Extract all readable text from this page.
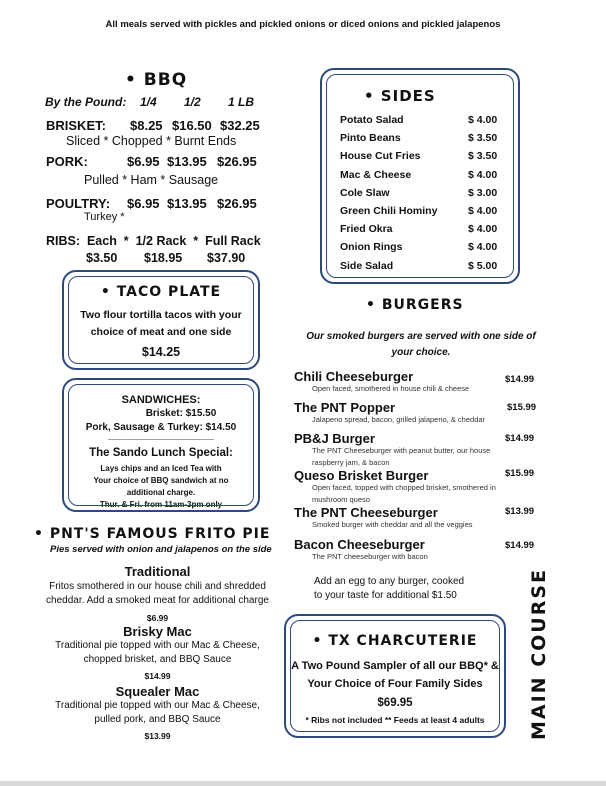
All meals served with pickles and pickled onions or diced onions and pickled jalapenos
• BBQ
By the Pound: 1/4 1/2 1 LB
BRISKET: $8.25 $16.50 $32.25
Sliced * Chopped * Burnt Ends
PORK:	$6.95 $13.95 $26.95
Pulled * Ham * Sausage
POULTRY: $6.95 $13.95 $26.95
Turkey *
RIBS:  Each  *  1/2 Rack  *  Full Rack
$3.50 $18.95 $37.90
• TACO PLATE
Two flour tortilla tacos with your
choice of meat and one side
$14.25
SANDWICHES:
Brisket: $15.50
Pork, Sausage & Turkey: $14.50
___________________
The Sando Lunch Special:
Lays chips and an Iced Tea with
Your choice of BBQ sandwich at no
additional charge.
Thur. & Fri. from 11am-3pm only
• PNT'S FAMOUS FRITO PIE
Pies served with onion and jalapenos on the side
Traditional
Fritos smothered in our house chili and shredded
cheddar. Add a smoked meat for additional charge
$6.99
Brisky Mac
Traditional pie topped with our Mac & Cheese,
chopped brisket, and BBQ Sauce
$14.99
Squealer Mac
Traditional pie topped with our Mac & Cheese,
pulled pork, and BBQ Sauce
$13.99
• SIDES
Potato Salad	$ 4.00
Pinto Beans	$ 3.50
House Cut Fries	$ 3.50
Mac & Cheese	$ 4.00
Cole Slaw	$ 3.00
Green Chili Hominy	$ 4.00
Fried Okra	$ 4.00
Onion Rings	$ 4.00
Side Salad	$ 5.00
• BURGERS
Our smoked burgers are served with one side of
your choice.
Chili Cheeseburger
Open faced, smothered in house chili & cheese
$14.99
The PNT Popper
Jalapeno spread, bacon, grilled jalapeno, & cheddar
$15.99
PB&J Burger
The PNT Cheeseburger with peanut butter, our house
raspberry jam, & bacon
$14.99
Queso Brisket Burger
Open faced, topped with chopped brisket, smothered in
mushroom queso
$15.99
The PNT Cheeseburger
Smoked burger with cheddar and all the veggies
$13.99
Bacon Cheeseburger
The PNT cheeseburger with bacon
$14.99
Add an egg to any burger, cooked
to your taste for additional $1.50
• TX CHARCUTERIE
A Two Pound Sampler of all our BBQ* &
Your Choice of Four Family Sides
$69.95
* Ribs not included ** Feeds at least 4 adults	MAIN COURSE
